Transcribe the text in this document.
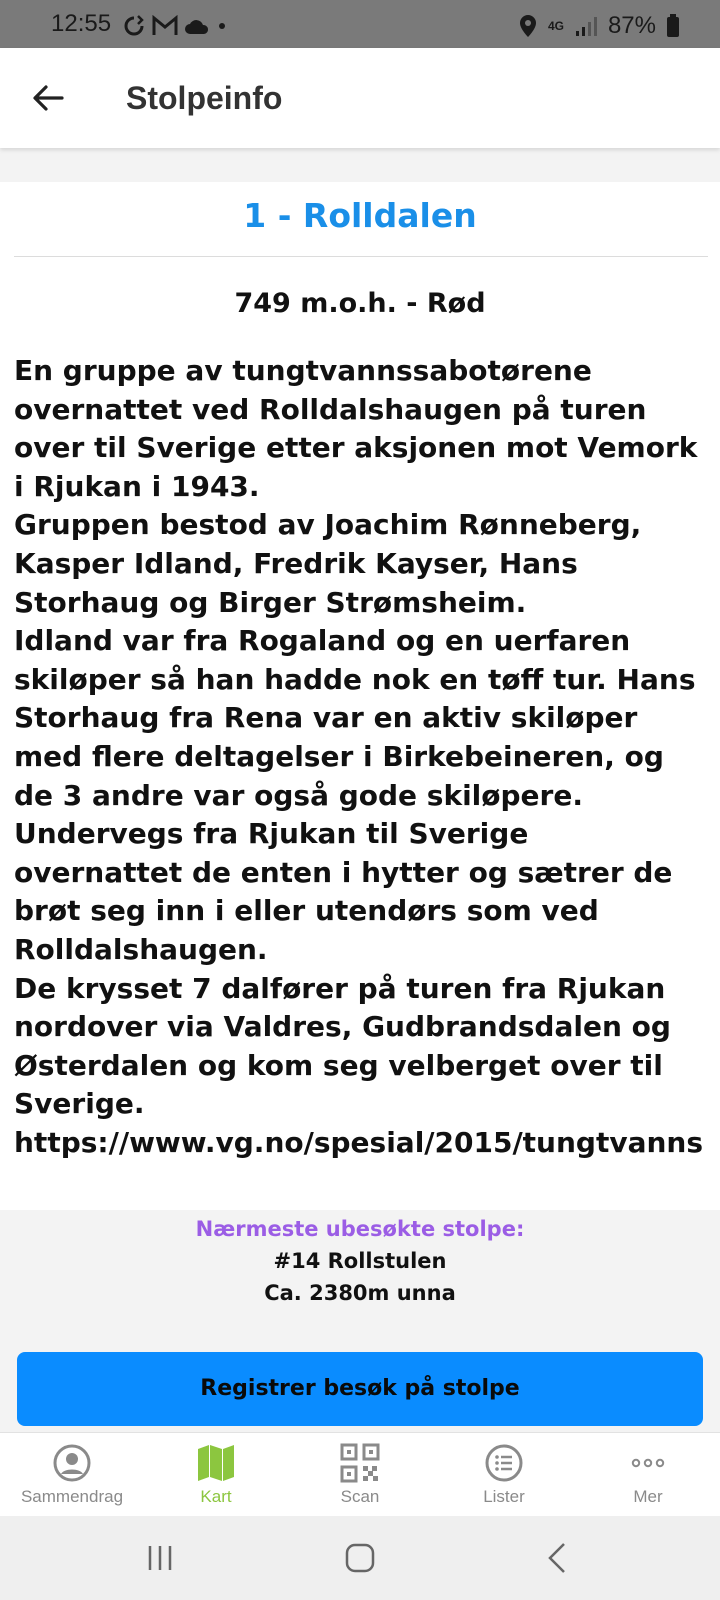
12:55	4G 87%
Stolpeinfo
1 - Rolldalen
749 m.o.h. - Rød
En gruppe av tungtvannssabotørene overnattet ved Rolldalshaugen på turen over til Sverige etter aksjonen mot Vemork i Rjukan i 1943.
Gruppen bestod av Joachim Rønneberg, Kasper Idland, Fredrik Kayser, Hans Storhaug og Birger Strømsheim.
Idland var fra Rogaland og en uerfaren skiløper så han hadde nok en tøff tur. Hans Storhaug fra Rena var en aktiv skiløper med flere deltagelser i Birkebeineren, og de 3 andre var også gode skiløpere. Undervegs fra Rjukan til Sverige overnattet de enten i hytter og sætrer de brøt seg inn i eller utendørs som ved Rolldalshaugen.
De krysset 7 dalfører på turen fra Rjukan nordover via Valdres, Gudbrandsdalen og Østerdalen og kom seg velberget over til Sverige.
https://www.vg.no/spesial/2015/tungtvanns
Nærmeste ubesøkte stolpe:
#14 Rollstulen
Ca. 2380m unna
Registrer besøk på stolpe
Sammendrag	Kart	Scan	Lister	Mer
